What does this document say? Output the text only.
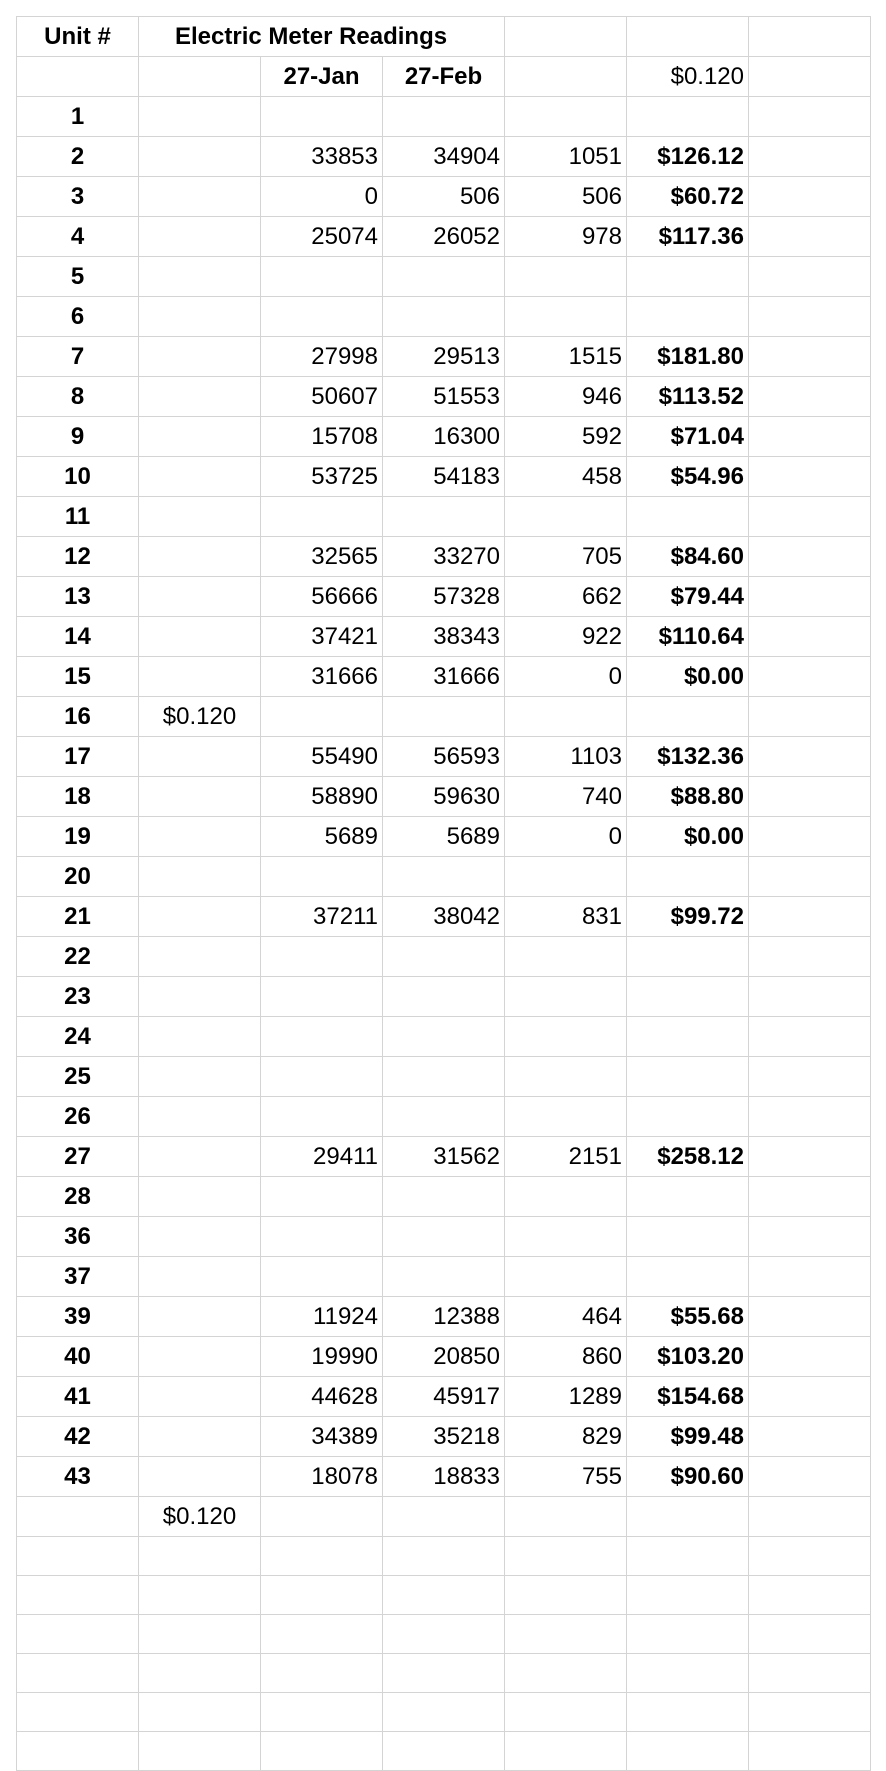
Unit #	Electric Meter Readings					
		27-Jan	27-Feb		$0.120	
1						
2		33853	34904	1051	$126.12	
3		0	506	506	$60.72	
4		25074	26052	978	$117.36	
5						
6						
7		27998	29513	1515	$181.80	
8		50607	51553	946	$113.52	
9		15708	16300	592	$71.04	
10		53725	54183	458	$54.96	
11						
12		32565	33270	705	$84.60	
13		56666	57328	662	$79.44	
14		37421	38343	922	$110.64	
15		31666	31666	0	$0.00	
16	$0.120					
17		55490	56593	1103	$132.36	
18		58890	59630	740	$88.80	
19		5689	5689	0	$0.00	
20						
21		37211	38042	831	$99.72	
22						
23						
24						
25						
26						
27		29411	31562	2151	$258.12	
28						
36						
37						
39		11924	12388	464	$55.68	
40		19990	20850	860	$103.20	
41		44628	45917	1289	$154.68	
42		34389	35218	829	$99.48	
43		18078	18833	755	$90.60	
	$0.120					
